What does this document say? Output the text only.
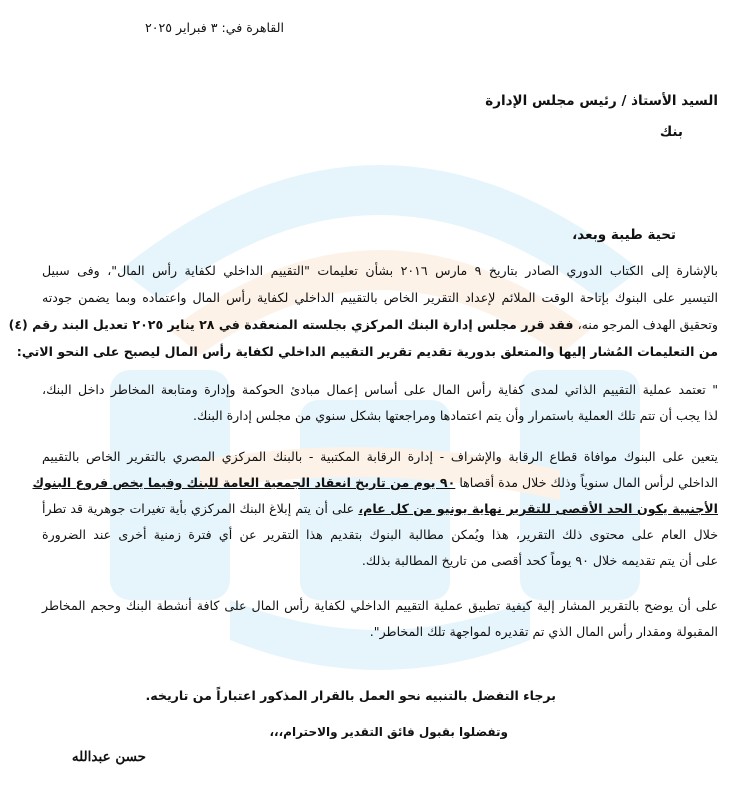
القاهرة في: ٣ فبراير ٢٠٢٥
السيد الأستاذ / رئيس مجلس الإدارة
بنك
تحية طيبة وبعد،
بالإشارة إلى الكتاب الدوري الصادر بتاريخ ٩ مارس ٢٠١٦ بشأن تعليمات "التقييم الداخلي لكفاية رأس المال"، وفى سبيل
التيسير على البنوك بإتاحة الوقت الملائم لإعداد التقرير الخاص بالتقييم الداخلي لكفاية رأس المال واعتماده وبما يضمن جودته
وتحقيق الهدف المرجو منه، فقد قرر مجلس إدارة البنك المركزي بجلسته المنعقدة في ٢٨ يناير ٢٠٢٥ تعديل البند رقم (٤)
من التعليمات المُشار إليها والمتعلق بدورية تقديم تقرير التقييم الداخلي لكفاية رأس المال ليصبح على النحو الاتي:
" تعتمد عملية التقييم الذاتي لمدى كفاية رأس المال على أساس إعمال مبادئ الحوكمة وإدارة ومتابعة المخاطر داخل البنك،
لذا يجب أن تتم تلك العملية باستمرار وأن يتم اعتمادها ومراجعتها بشكل سنوي من مجلس إدارة البنك.
يتعين على البنوك موافاة قطاع الرقابة والإشراف - إدارة الرقابة المكتبية - بالبنك المركزي المصري بالتقرير الخاص بالتقييم
الداخلي لرأس المال سنوياً وذلك خلال مدة أقصاها ٩٠ يوم من تاريخ انعقاد الجمعية العامة للبنك وفيما يخص فروع البنوك
الأجنبية يكون الحد الأقصى للتقرير نهاية يونيو من كل عام، على أن يتم إبلاغ البنك المركزي بأية تغيرات جوهرية قد تطرأ
خلال العام على محتوى ذلك التقرير، هذا ويُمكن مطالبة البنوك بتقديم هذا التقرير عن أي فترة زمنية أخرى عند الضرورة
على أن يتم تقديمه خلال ٩٠ يوماً كحد أقصى من تاريخ المطالبة بذلك.
على أن يوضح بالتقرير المشار إلية كيفية تطبيق عملية التقييم الداخلي لكفاية رأس المال على كافة أنشطة البنك وحجم المخاطر
المقبولة ومقدار رأس المال الذي تم تقديره لمواجهة تلك المخاطر".
برجاء التفضل بالتنبيه نحو العمل بالقرار المذكور اعتباراً من تاريخه.
وتفضلوا بقبول فائق التقدير والاحترام،،،
حسن عبدالله
